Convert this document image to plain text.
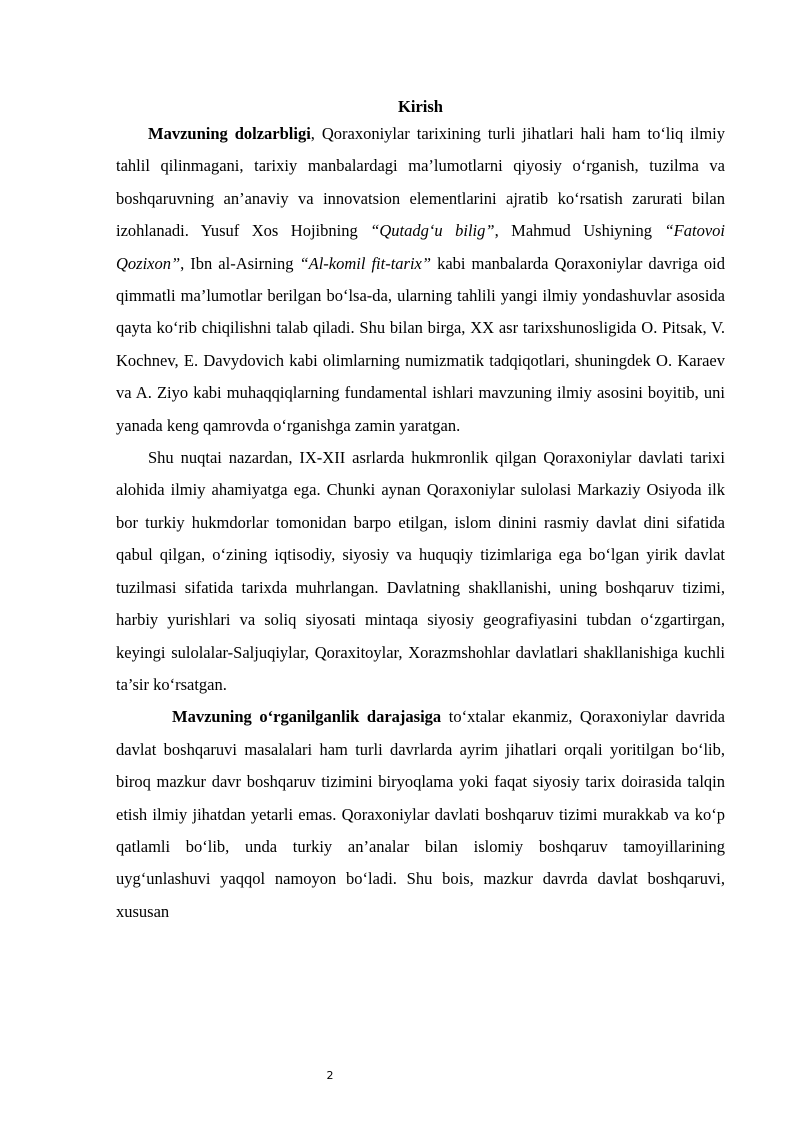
Kirish

Mavzuning dolzarbligi, Qoraxoniylar tarixining turli jihatlari hali ham to‘liq ilmiy tahlil qilinmagani, tarixiy manbalardagi ma’lumotlarni qiyosiy o‘rganish, tuzilma va boshqaruvning an’anaviy va innovatsion elementlarini ajratib ko‘rsatish zarurati bilan izohlanadi. Yusuf Xos Hojibning “Qutadg‘u bilig”, Mahmud Ushiyning “Fatovoi Qozixon”, Ibn al-Asirning “Al-komil fit-tarix” kabi manbalarda Qoraxoniylar davriga oid qimmatli ma’lumotlar berilgan bo‘lsa-da, ularning tahlili yangi ilmiy yondashuvlar asosida qayta ko‘rib chiqilishni talab qiladi. Shu bilan birga, XX asr tarixshunosligida O. Pitsak, V. Kochnev, E. Davydovich kabi olimlarning numizmatik tadqiqotlari, shuningdek O. Karaev va A. Ziyo kabi muhaqqiqlarning fundamental ishlari mavzuning ilmiy asosini boyitib, uni yanada keng qamrovda o‘rganishga zamin yaratgan.

Shu nuqtai nazardan, IX-XII asrlarda hukmronlik qilgan Qoraxoniylar davlati tarixi alohida ilmiy ahamiyatga ega. Chunki aynan Qoraxoniylar sulolasi Markaziy Osiyoda ilk bor turkiy hukmdorlar tomonidan barpo etilgan, islom dinini rasmiy davlat dini sifatida qabul qilgan, o‘zining iqtisodiy, siyosiy va huquqiy tizimlariga ega bo‘lgan yirik davlat tuzilmasi sifatida tarixda muhrlangan. Davlatning shakllanishi, uning boshqaruv tizimi, harbiy yurishlari va soliq siyosati mintaqa siyosiy geografiyasini tubdan o‘zgartirgan, keyingi sulolalar-Saljuqiylar, Qoraxitoylar, Xorazmshohlar davlatlari shakllanishiga kuchli ta’sir ko‘rsatgan.

Mavzuning o‘rganilganlik darajasiga to‘xtalar ekanmiz, Qoraxoniylar davrida davlat boshqaruvi masalalari ham turli davrlarda ayrim jihatlari orqali yoritilgan bo‘lib, biroq mazkur davr boshqaruv tizimini biryoqlama yoki faqat siyosiy tarix doirasida talqin etish ilmiy jihatdan yetarli emas. Qoraxoniylar davlati boshqaruv tizimi murakkab va ko‘p qatlamli bo‘lib, unda turkiy an’analar bilan islomiy boshqaruv tamoyillarining uyg‘unlashuvi yaqqol namoyon bo‘ladi. Shu bois, mazkur davrda davlat boshqaruvi, xususan

2
